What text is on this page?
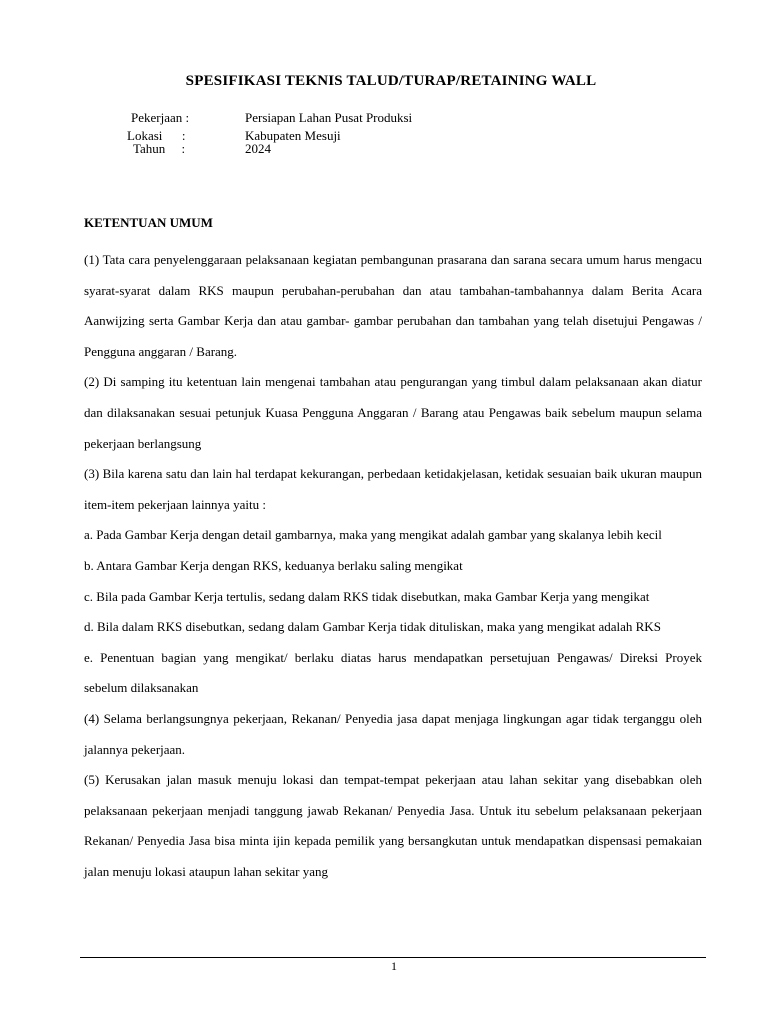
SPESIFIKASI TEKNIS TALUD/TURAP/RETAINING WALL
Pekerjaan :	Persiapan Lahan Pusat Produksi
Lokasi      :	Kabupaten Mesuji
Tahun     :	2024
KETENTUAN UMUM

(1) Tata cara penyelenggaraan pelaksanaan kegiatan pembangunan prasarana dan sarana secara umum harus mengacu syarat-syarat dalam RKS maupun perubahan-perubahan dan atau tambahan-tambahannya dalam Berita Acara Aanwijzing serta Gambar Kerja dan atau gambar- gambar perubahan dan tambahan yang telah disetujui Pengawas / Pengguna anggaran / Barang.

(2) Di samping itu ketentuan lain mengenai tambahan atau pengurangan yang timbul dalam pelaksanaan akan diatur dan dilaksanakan sesuai petunjuk Kuasa Pengguna Anggaran / Barang atau Pengawas baik sebelum maupun selama pekerjaan berlangsung

(3) Bila karena satu dan lain hal terdapat kekurangan, perbedaan ketidakjelasan, ketidak sesuaian baik ukuran maupun item-item pekerjaan lainnya yaitu :

a. Pada Gambar Kerja dengan detail gambarnya, maka yang mengikat adalah gambar yang skalanya lebih kecil

b. Antara Gambar Kerja dengan RKS, keduanya berlaku saling mengikat

c. Bila pada Gambar Kerja tertulis, sedang dalam RKS tidak disebutkan, maka Gambar Kerja yang mengikat

d. Bila dalam RKS disebutkan, sedang dalam Gambar Kerja tidak dituliskan, maka yang mengikat adalah RKS

e. Penentuan bagian yang mengikat/ berlaku diatas harus mendapatkan persetujuan Pengawas/ Direksi Proyek sebelum dilaksanakan

(4) Selama berlangsungnya pekerjaan, Rekanan/ Penyedia jasa dapat menjaga lingkungan agar tidak terganggu oleh jalannya pekerjaan.

(5) Kerusakan jalan masuk menuju lokasi dan tempat-tempat pekerjaan atau lahan sekitar yang disebabkan oleh pelaksanaan pekerjaan menjadi tanggung jawab Rekanan/ Penyedia Jasa. Untuk itu sebelum pelaksanaan pekerjaan Rekanan/ Penyedia Jasa bisa minta ijin kepada pemilik yang bersangkutan untuk mendapatkan dispensasi pemakaian jalan menuju lokasi ataupun lahan sekitar yang

1
